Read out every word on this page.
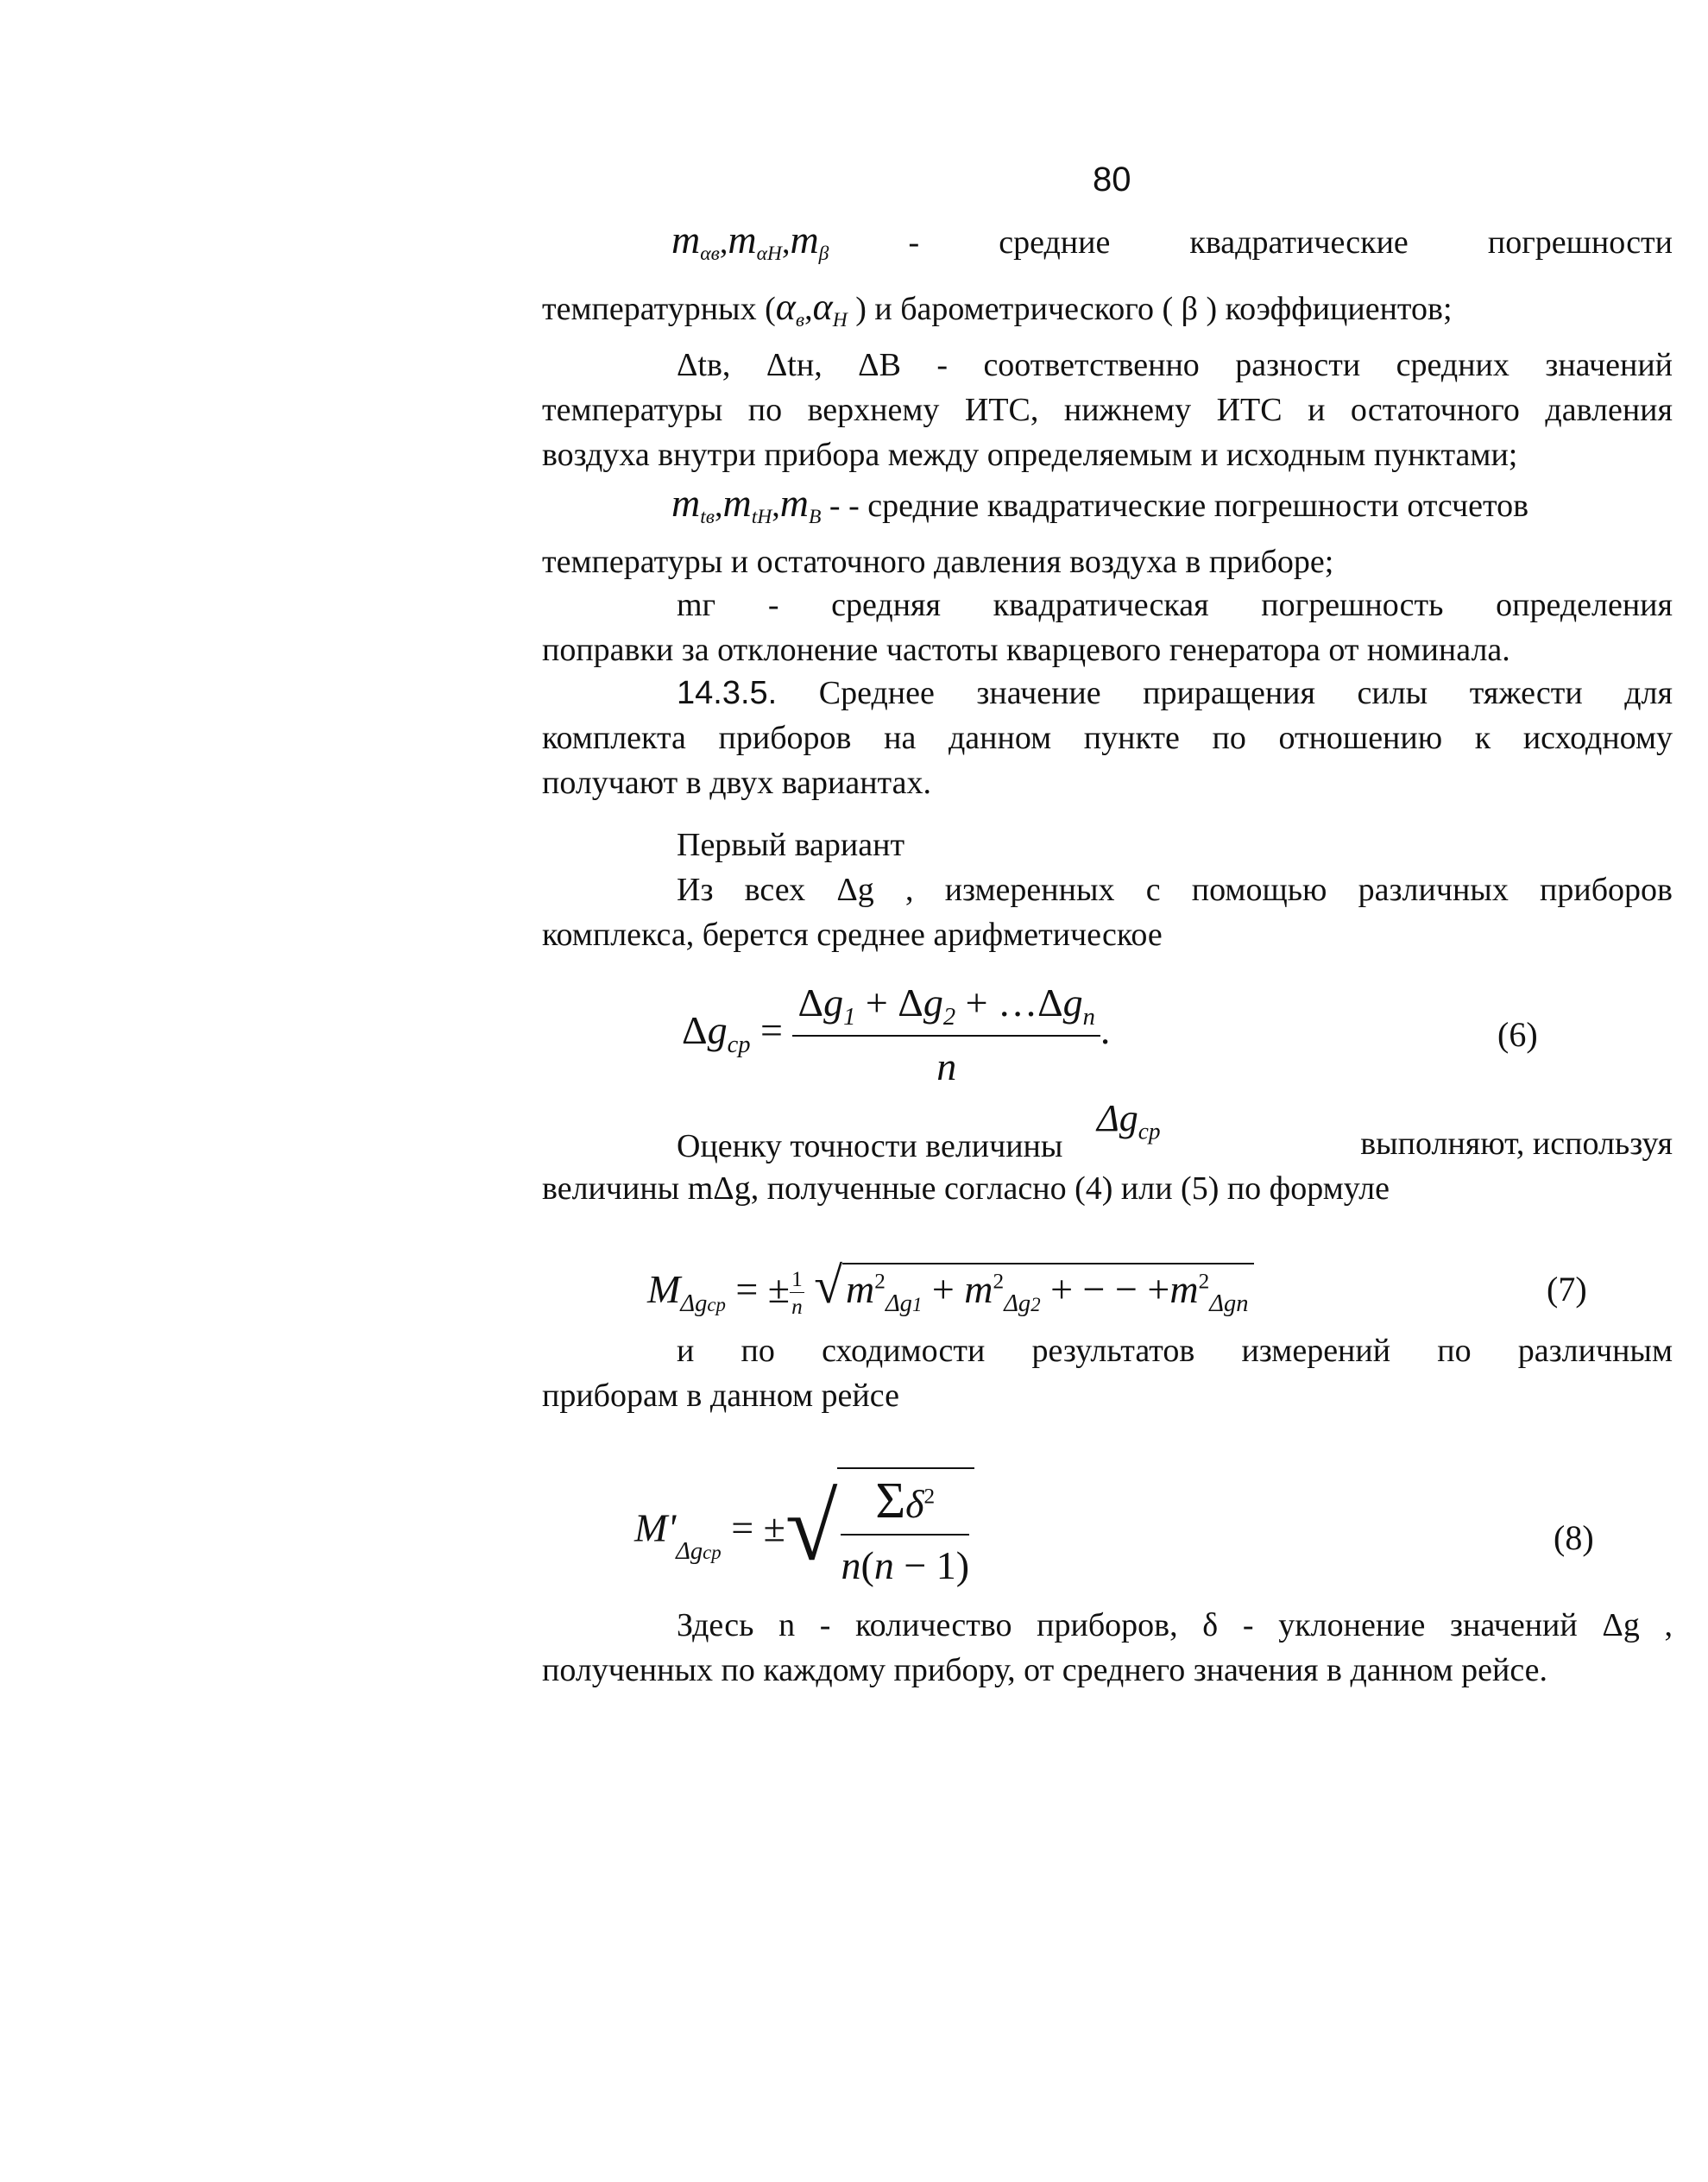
80
$m_{\alpha в},m_{\alpha H},m_\beta$ - средние квадратические погрешности
температурных ($\alpha_в,\alpha_H$ ) и барометрического ( β ) коэффициентов;
Δtв, Δtн, ΔB - соответственно разности средних значений
температуры по верхнему ИТС, нижнему ИТС и остаточного давления
воздуха внутри прибора между определяемым и исходным пунктами;
$m_{tв},m_{tH},m_B$ - - средние квадратические погрешности отсчетов
температуры и остаточного давления воздуха в приборе;
mг - средняя квадратическая погрешность определения
поправки за отклонение частоты кварцевого генератора от номинала.
14.3.5. Среднее значение приращения силы тяжести для
комплекта приборов на данном пункте по отношению к исходному
получают в двух вариантах.
Первый вариант
Из всех Δg , измеренных с помощью различных приборов
комплекса, берется среднее арифметическое
$\Delta g_{ср} = \frac{\Delta g_1 + \Delta g_2 + \dots\Delta g_n}{n}$ .	(6)
Оценку точности величины $\Delta g_{ср}$	выполняют, используя
величины mΔg, полученные согласно (4) или (5) по формуле
$M_{\Delta gср}$ = ± $\frac{1}{n} √m^2_{\Delta g1} + m^2_{\Delta g2}$ + − − $+m^2_{\Delta gn}$	(7)
и по сходимости результатов измерений по различным
приборам в данном рейсе
$M'_{\Delta gср}$ = ±√ $\frac{\Sigma\delta^2}{n(n - 1)}$	(8)
Здесь n - количество приборов, δ - уклонение значений Δg ,
полученных по каждому прибору, от среднего значения в данном рейсе.
